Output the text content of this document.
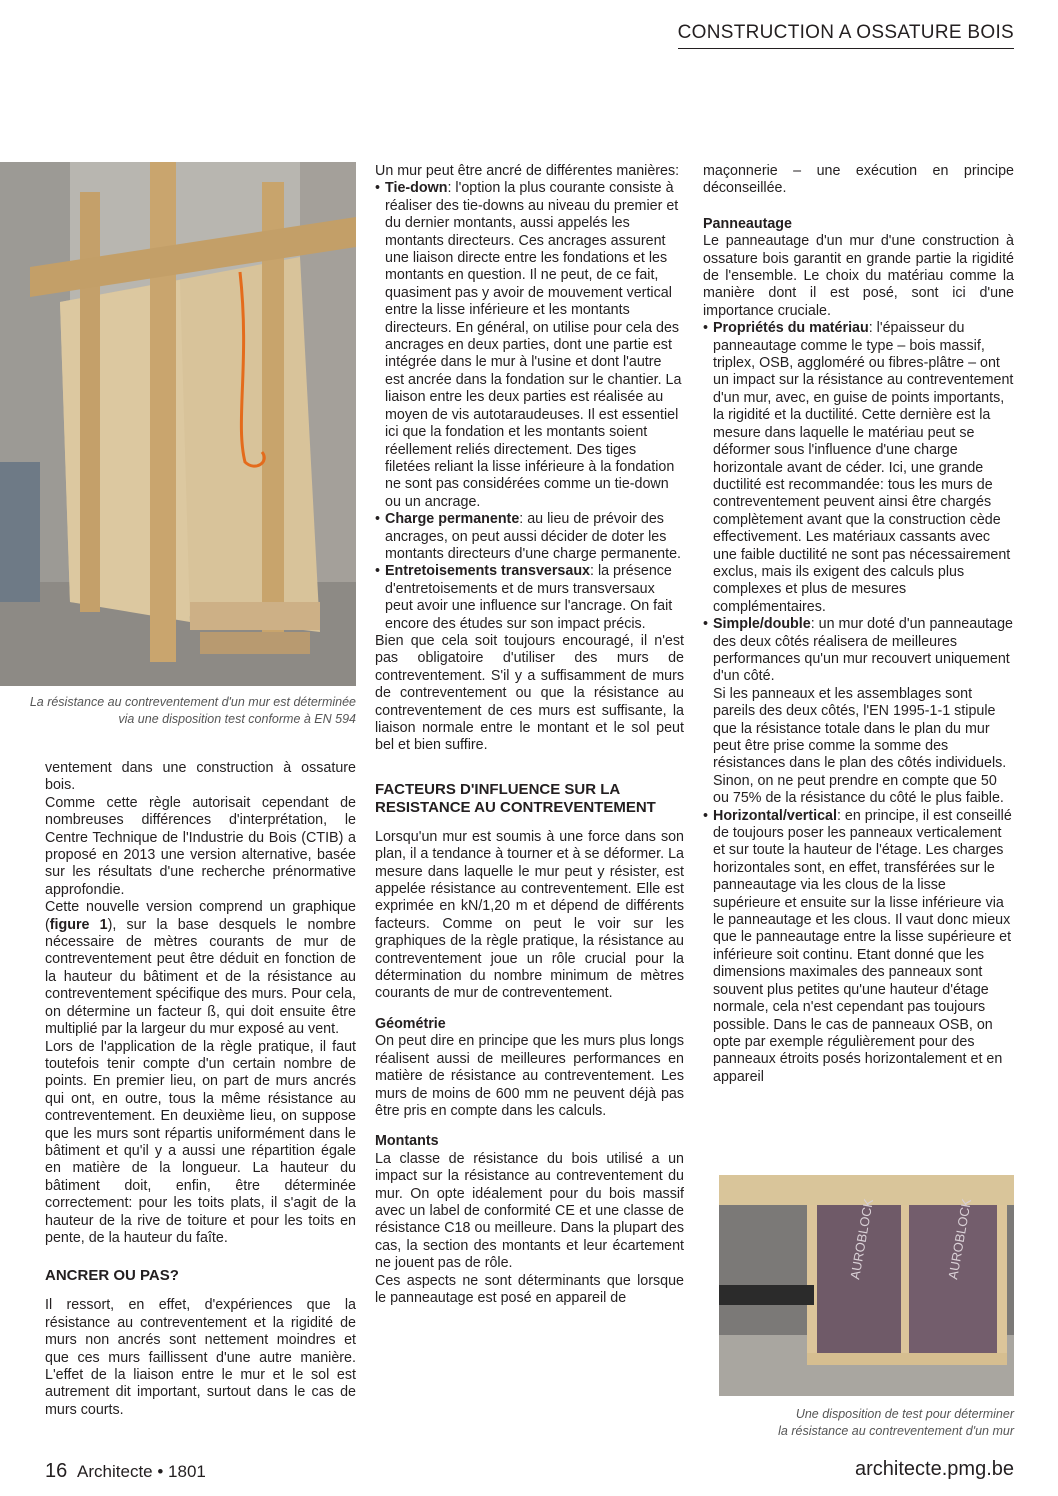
CONSTRUCTION A OSSATURE BOIS
La résistance au contreventement d'un mur est déterminée
via une disposition test conforme à EN 594

ventement dans une construction à ossature bois.

Comme cette règle autorisait cependant de nombreuses différences d'interprétation, le Centre Technique de l'Industrie du Bois (CTIB) a proposé en 2013 une version alternative, basée sur les résultats d'une recherche prénormative approfondie.

Cette nouvelle version comprend un graphique (figure 1), sur la base desquels le nombre nécessaire de mètres courants de mur de contreventement peut être déduit en fonction de la hauteur du bâtiment et de la résistance au contreventement spécifique des murs. Pour cela, on détermine un facteur ß, qui doit ensuite être multiplié par la largeur du mur exposé au vent.

Lors de l'application de la règle pratique, il faut toutefois tenir compte d'un certain nombre de points. En premier lieu, on part de murs ancrés qui ont, en outre, tous la même résistance au contreventement. En deuxième lieu, on suppose que les murs sont répartis uniformément dans le bâtiment et qu'il y a aussi une répartition égale en matière de la longueur. La hauteur du bâtiment doit, enfin, être déterminée correctement: pour les toits plats, il s'agit de la hauteur de la rive de toiture et pour les toits en pente, de la hauteur du faîte.

ANCRER OU PAS?

Il ressort, en effet, d'expériences que la résistance au contreventement et la rigidité de murs non ancrés sont nettement moindres et que ces murs faillissent d'une autre manière. L'effet de la liaison entre le mur et le sol est autrement dit important, surtout dans le cas de murs courts.

Un mur peut être ancré de différentes manières:

• Tie-down: l'option la plus courante consiste à réaliser des tie-downs au niveau du premier et du dernier montants, aussi appelés les montants directeurs. Ces ancrages assurent une liaison directe entre les fondations et les montants en question. Il ne peut, de ce fait, quasiment pas y avoir de mouvement vertical entre la lisse inférieure et les montants directeurs. En général, on utilise pour cela des ancrages en deux parties, dont une partie est intégrée dans le mur à l'usine et dont l'autre est ancrée dans la fondation sur le chantier. La liaison entre les deux parties est réalisée au moyen de vis autotaraudeuses. Il est essentiel ici que la fondation et les montants soient réellement reliés directement. Des tiges filetées reliant la lisse inférieure à la fondation ne sont pas considérées comme un tie-down ou un ancrage.

• Charge permanente: au lieu de prévoir des ancrages, on peut aussi décider de doter les montants directeurs d'une charge permanente.

• Entretoisements transversaux: la présence d'entretoisements et de murs transversaux peut avoir une influence sur l'ancrage. On fait encore des études sur son impact précis.

Bien que cela soit toujours encouragé, il n'est pas obligatoire d'utiliser des murs de contreventement. S'il y a suffisamment de murs de contreventement ou que la résistance au contreventement de ces murs est suffisante, la liaison normale entre le montant et le sol peut bel et bien suffire.

FACTEURS D'INFLUENCE SUR LA RESISTANCE AU CONTREVENTEMENT

Lorsqu'un mur est soumis à une force dans son plan, il a tendance à tourner et à se déformer. La mesure dans laquelle le mur peut y résister, est appelée résistance au contreventement. Elle est exprimée en kN/1,20 m et dépend de différents facteurs. Comme on peut le voir sur les graphiques de la règle pratique, la résistance au contreventement joue un rôle crucial pour la détermination du nombre minimum de mètres courants de mur de contreventement.

Géométrie

On peut dire en principe que les murs plus longs réalisent aussi de meilleures performances en matière de résistance au contreventement. Les murs de moins de 600 mm ne peuvent déjà pas être pris en compte dans les calculs.

Montants

La classe de résistance du bois utilisé a un impact sur la résistance au contreventement du mur. On opte idéalement pour du bois massif avec un label de conformité CE et une classe de résistance C18 ou meilleure. Dans la plupart des cas, la section des montants et leur écartement ne jouent pas de rôle.

Ces aspects ne sont déterminants que lorsque le panneautage est posé en appareil de

maçonnerie – une exécution en principe déconseillée.

Panneautage

Le panneautage d'un mur d'une construction à ossature bois garantit en grande partie la rigidité de l'ensemble. Le choix du matériau comme la manière dont il est posé, sont ici d'une importance cruciale.

• Propriétés du matériau: l'épaisseur du panneautage comme le type – bois massif, triplex, OSB, aggloméré ou fibres-plâtre – ont un impact sur la résistance au contreventement d'un mur, avec, en guise de points importants, la rigidité et la ductilité. Cette dernière est la mesure dans laquelle le matériau peut se déformer sous l'influence d'une charge horizontale avant de céder. Ici, une grande ductilité est recommandée: tous les murs de contreventement peuvent ainsi être chargés complètement avant que la construction cède effectivement. Les matériaux cassants avec une faible ductilité ne sont pas nécessairement exclus, mais ils exigent des calculs plus complexes et plus de mesures complémentaires.

• Simple/double: un mur doté d'un panneautage des deux côtés réalisera de meilleures performances qu'un mur recouvert uniquement d'un côté.

Si les panneaux et les assemblages sont pareils des deux côtés, l'EN 1995-1-1 stipule que la résistance totale dans le plan du mur peut être prise comme la somme des résistances dans le plan des côtés individuels. Sinon, on ne peut prendre en compte que 50 ou 75% de la résistance du côté le plus faible.

• Horizontal/vertical: en principe, il est conseillé de toujours poser les panneaux verticalement et sur toute la hauteur de l'étage. Les charges horizontales sont, en effet, transférées sur le panneautage via les clous de la lisse supérieure et ensuite sur la lisse inférieure via le panneautage et les clous. Il vaut donc mieux que le panneautage entre la lisse supérieure et inférieure soit continu. Etant donné que les dimensions maximales des panneaux sont souvent plus petites qu'une hauteur d'étage normale, cela n'est cependant pas toujours possible. Dans le cas de panneaux OSB, on opte par exemple régulièrement pour des panneaux étroits posés horizontalement et en appareil

AUROBLOCK	AUROBLOCK
Une disposition de test pour déterminer
la résistance au contreventement d'un mur
16 Architecte • 1801	architecte.pmg.be
